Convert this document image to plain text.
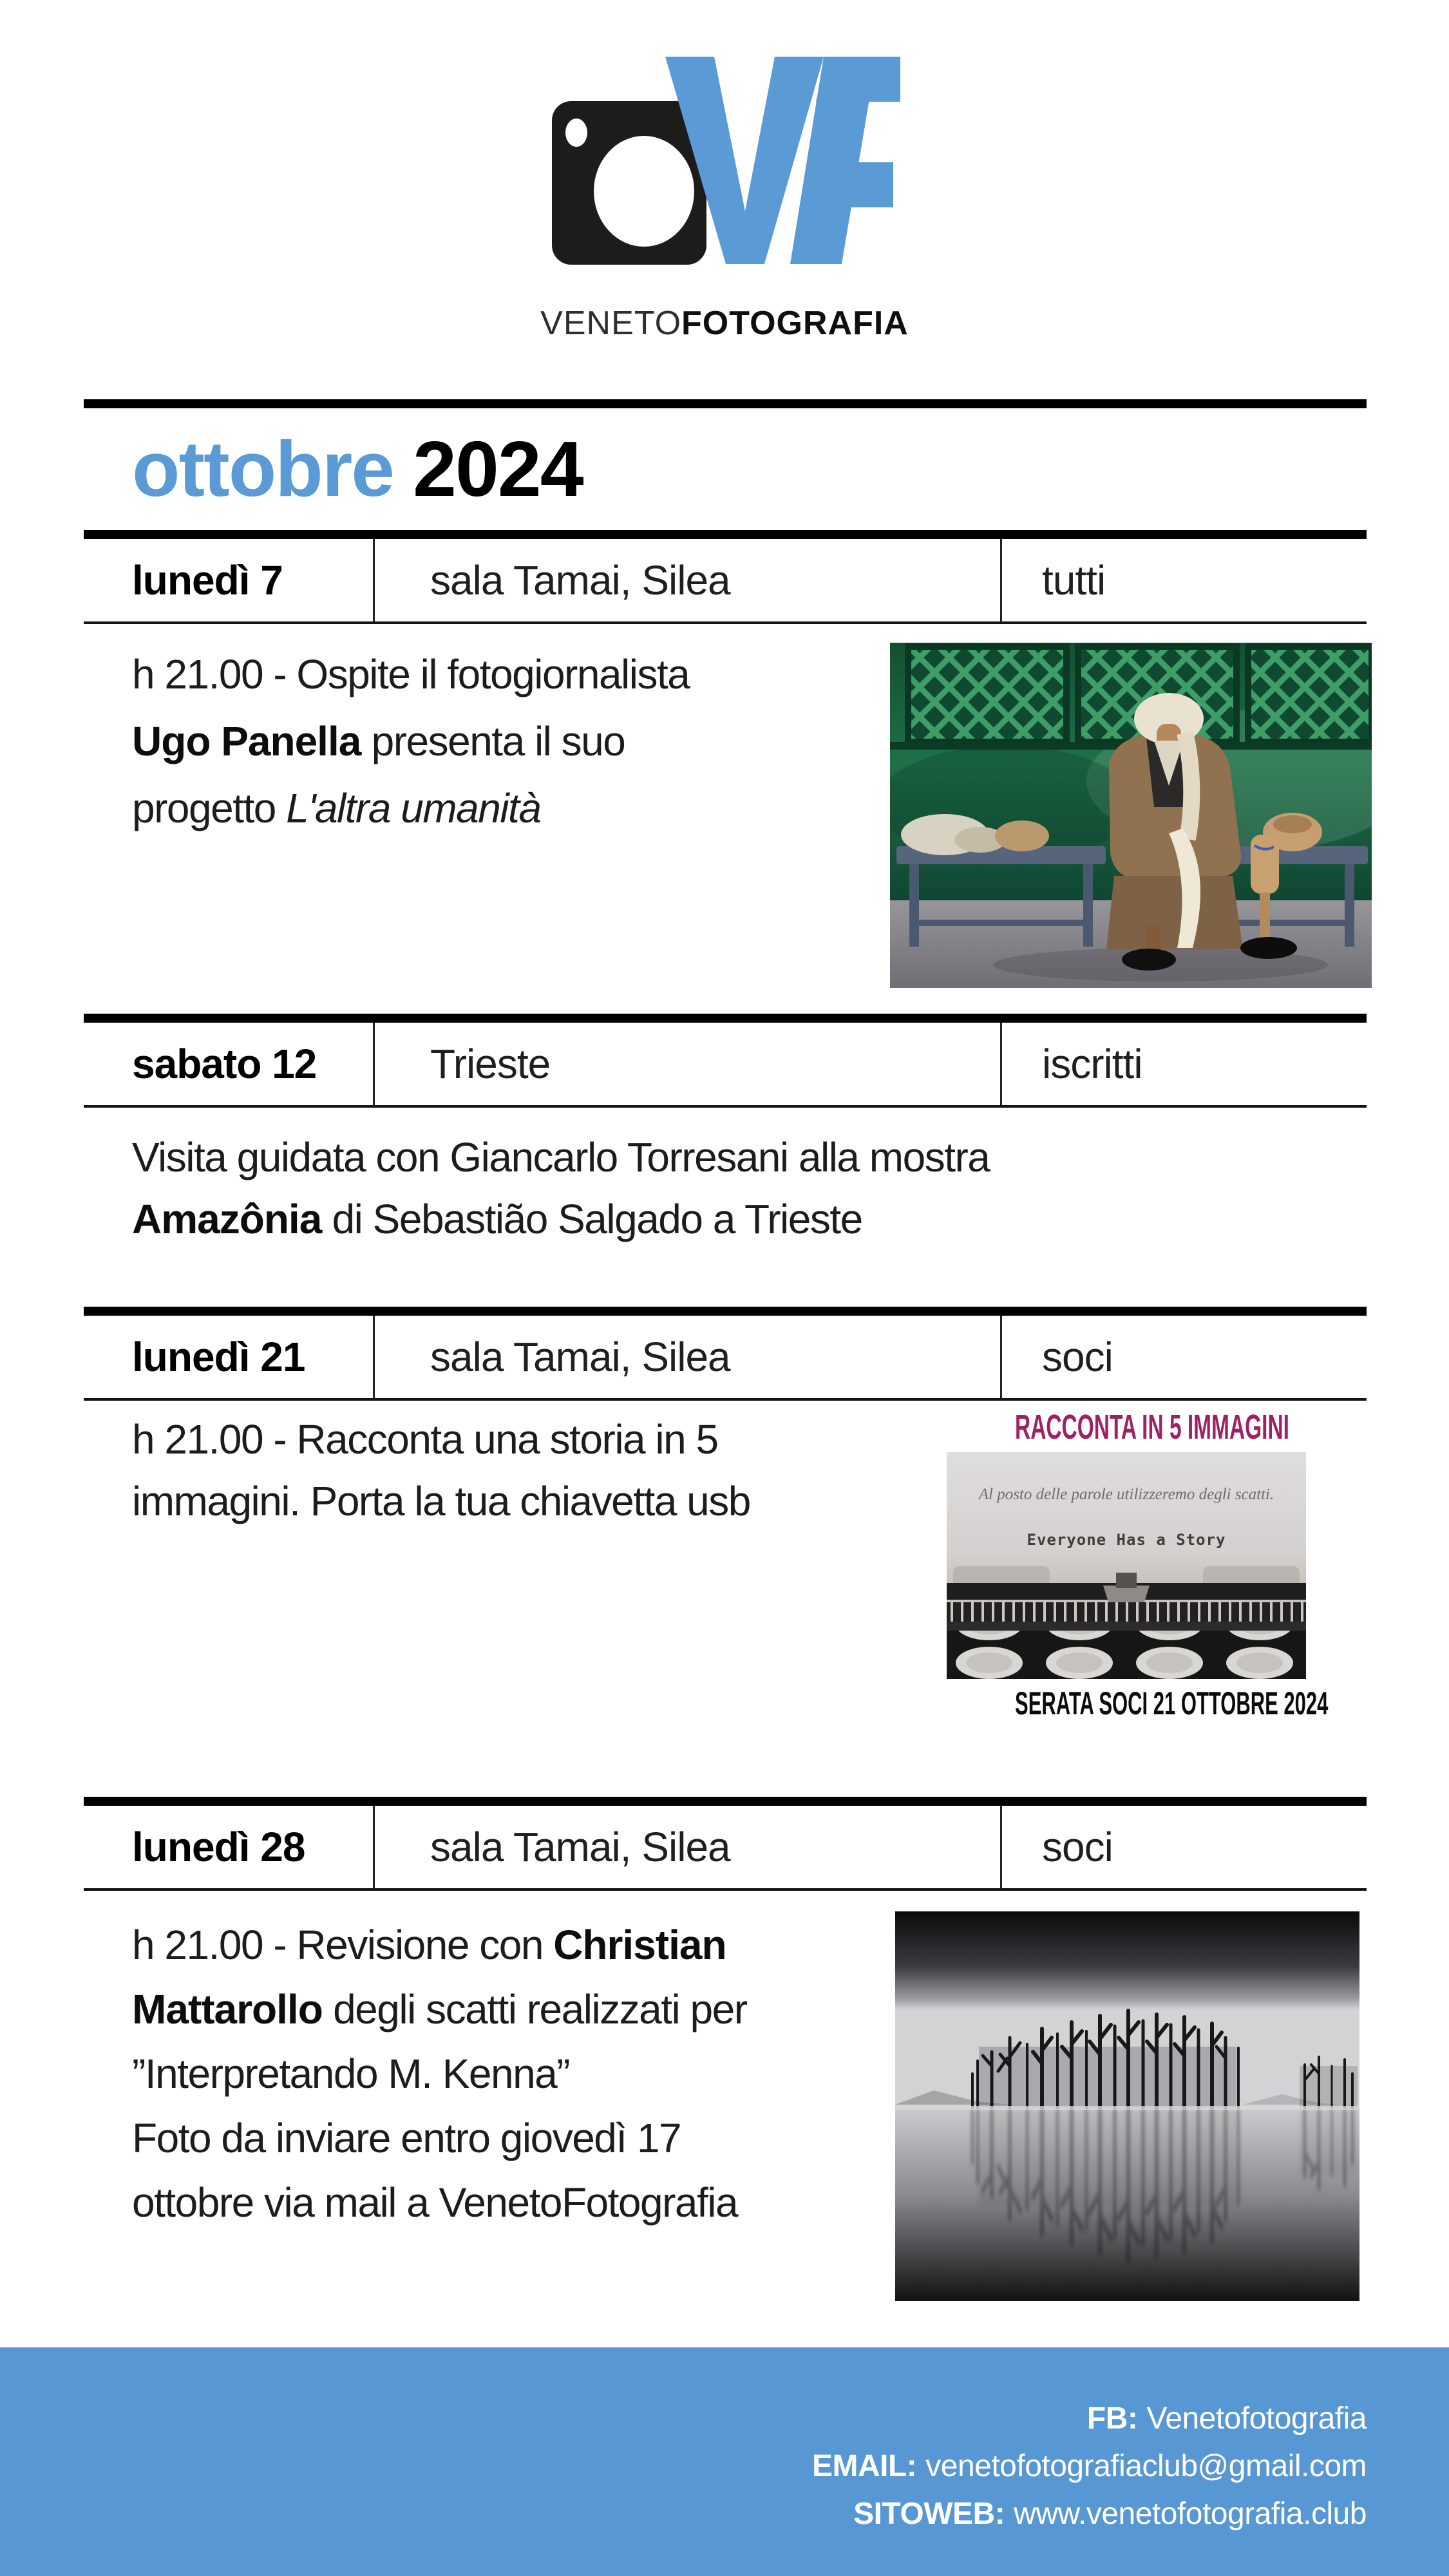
VENETOFOTOGRAFIA
ottobre 2024
lunedì 7	sala Tamai, Silea	tutti
h 21.00 - Ospite il fotogiornalista
Ugo Panella presenta il suo
progetto L'altra umanità
sabato 12	Trieste	iscritti
Visita guidata con Giancarlo Torresani alla mostra
Amazônia di Sebastião Salgado a Trieste
lunedì 21	sala Tamai, Silea	soci
h 21.00 - Racconta una storia in 5
immagini. Porta la tua chiavetta usb
RACCONTA IN 5 IMMAGINI
Al posto delle parole utilizzeremo degli scatti.
Everyone Has a Story
SERATA SOCI 21 OTTOBRE 2024
lunedì 28	sala Tamai, Silea	soci
h 21.00 - Revisione con Christian
Mattarollo degli scatti realizzati per
”Interpretando M. Kenna”
Foto da inviare entro giovedì 17
ottobre via mail a VenetoFotografia
FB: Venetofotografia
EMAIL: venetofotografiaclub@gmail.com
SITOWEB: www.venetofotografia.club
